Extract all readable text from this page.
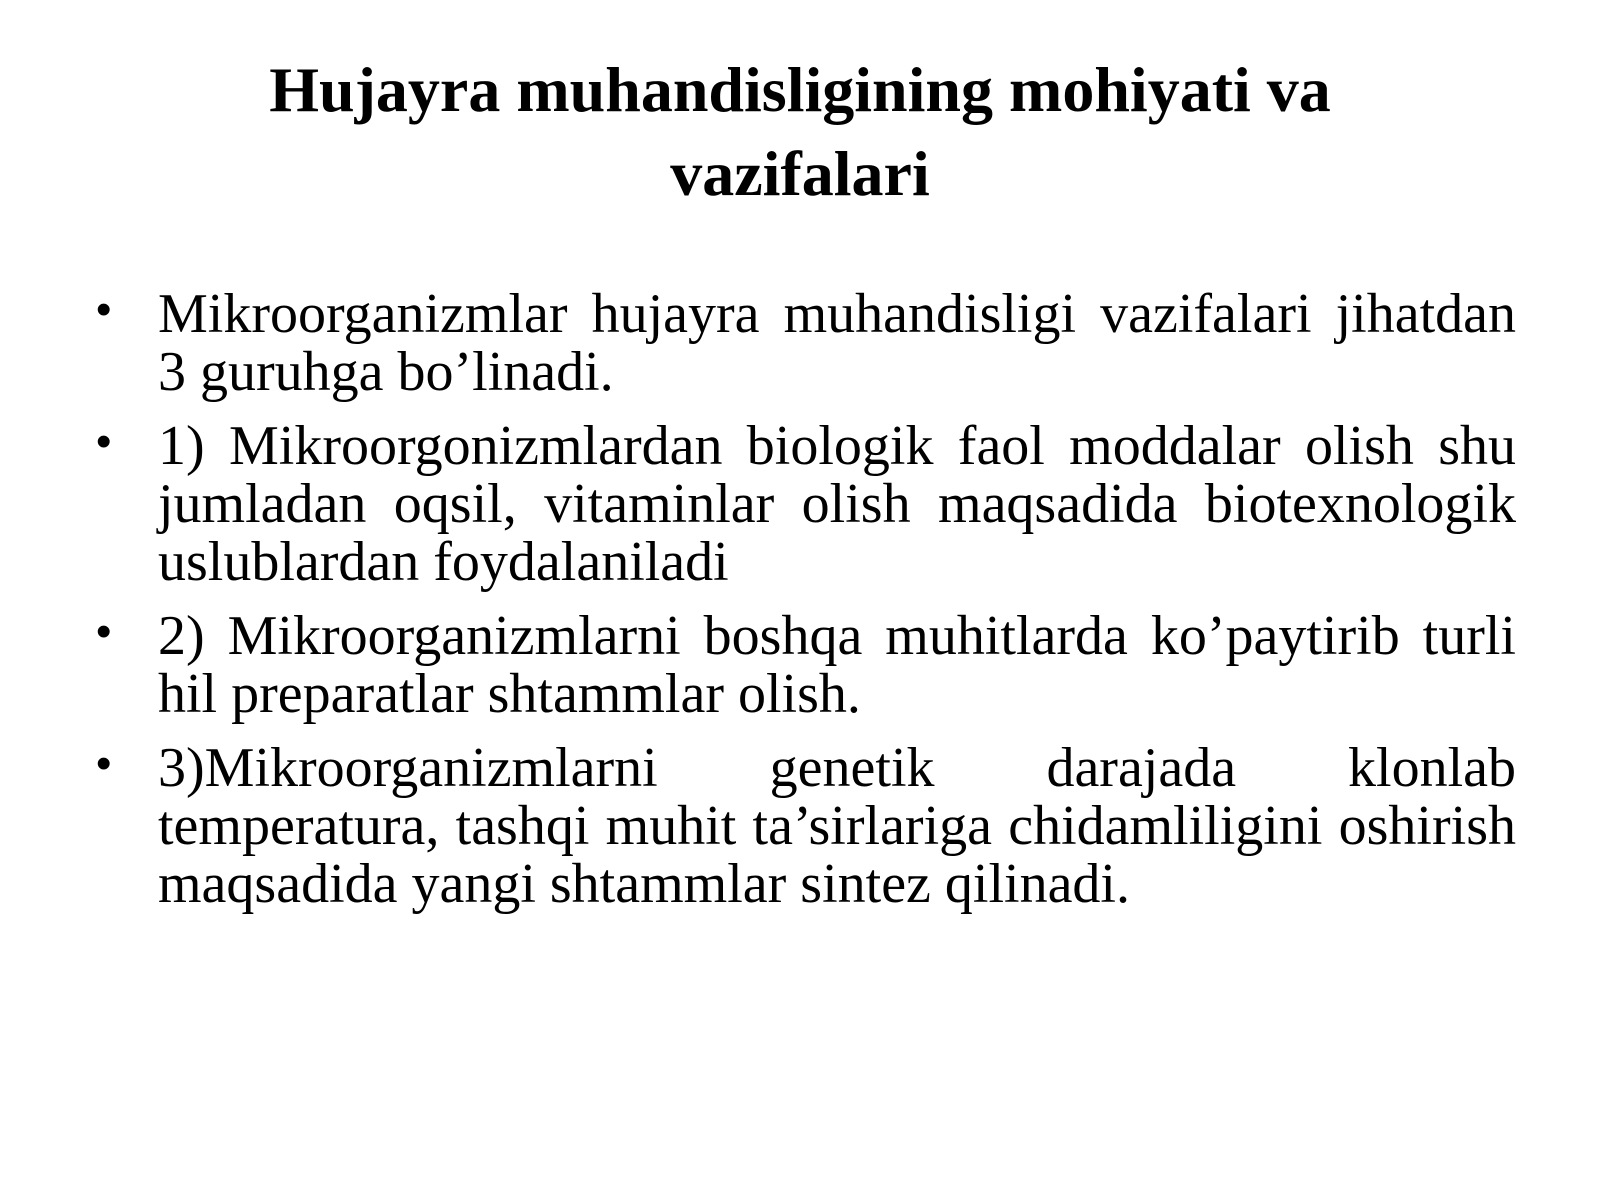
Hujayra muhandisligining mohiyati va vazifalari
• Mikroorganizmlar hujayra muhandisligi vazifalari jihatdan 3 guruhga bo’linadi.
• 1) Mikroorgonizmlardan biologik faol moddalar olish shu jumladan oqsil, vitaminlar olish maqsadida biotexnologik uslublardan foydalaniladi
• 2) Mikroorganizmlarni boshqa muhitlarda ko’paytirib turli hil preparatlar shtammlar olish.
• 3)Mikroorganizmlarni genetik darajada klonlab temperatura, tashqi muhit ta’sirlariga chidamliligini oshirish maqsadida yangi shtammlar sintez qilinadi.
